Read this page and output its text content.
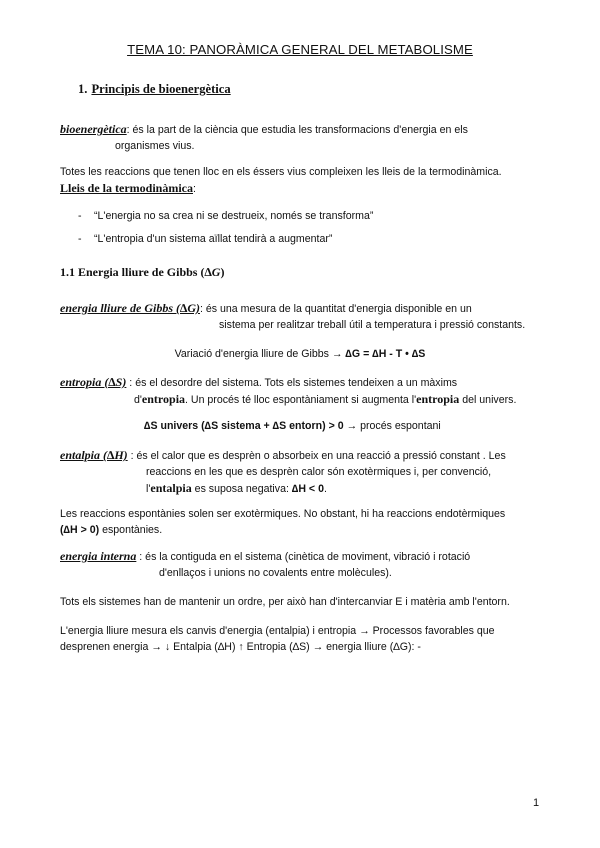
TEMA 10: PANORÀMICA GENERAL DEL METABOLISME
1. Principis de bioenergètica
bioenergètica: és la part de la ciència que estudia les transformacions d'energia en els
organismes vius.
Totes les reaccions que tenen lloc en els éssers vius compleixen les lleis de la termodinàmica.
Lleis de la termodinàmica:
- “L'energia no sa crea ni se destrueix, només se transforma”
- “L'entropia d'un sistema aïllat tendirà a augmentar”
1.1 Energia lliure de Gibbs (∆G)
energia lliure de Gibbs (∆G): és una mesura de la quantitat d'energia disponible en un
sistema per realitzar treball útil a temperatura i pressió constants.
Variació d'energia lliure de Gibbs → ∆G = ∆H - T • ∆S
entropia (∆S) : és el desordre del sistema. Tots els sistemes tendeixen a un màxims
d'entropia. Un procés té lloc espontàniament si augmenta l'entropia del univers.
∆S univers (∆S sistema + ∆S entorn) > 0 → procés espontani
entalpia (∆H) : és el calor que es desprèn o absorbeix en una reacció a pressió constant . Les
reaccions en les que es desprèn calor són exotèrmiques i, per convenció,
l'entalpia es suposa negativa: ∆H < 0.
Les reaccions espontànies solen ser exotèrmiques. No obstant, hi ha reaccions endotèrmiques
(∆H > 0) espontànies.
energia interna : és la contiguda en el sistema (cinètica de moviment, vibració i rotació
d'enllaços i unions no covalents entre molècules).
Tots els sistemes han de mantenir un ordre, per això han d'intercanviar E i matèria amb l'entorn.
L'energia lliure mesura els canvis d'energia (entalpia) i entropia → Processos favorables que
desprenen energia → ↓ Entalpia (∆H) ↑ Entropia (∆S) → energia lliure (∆G): -
1
